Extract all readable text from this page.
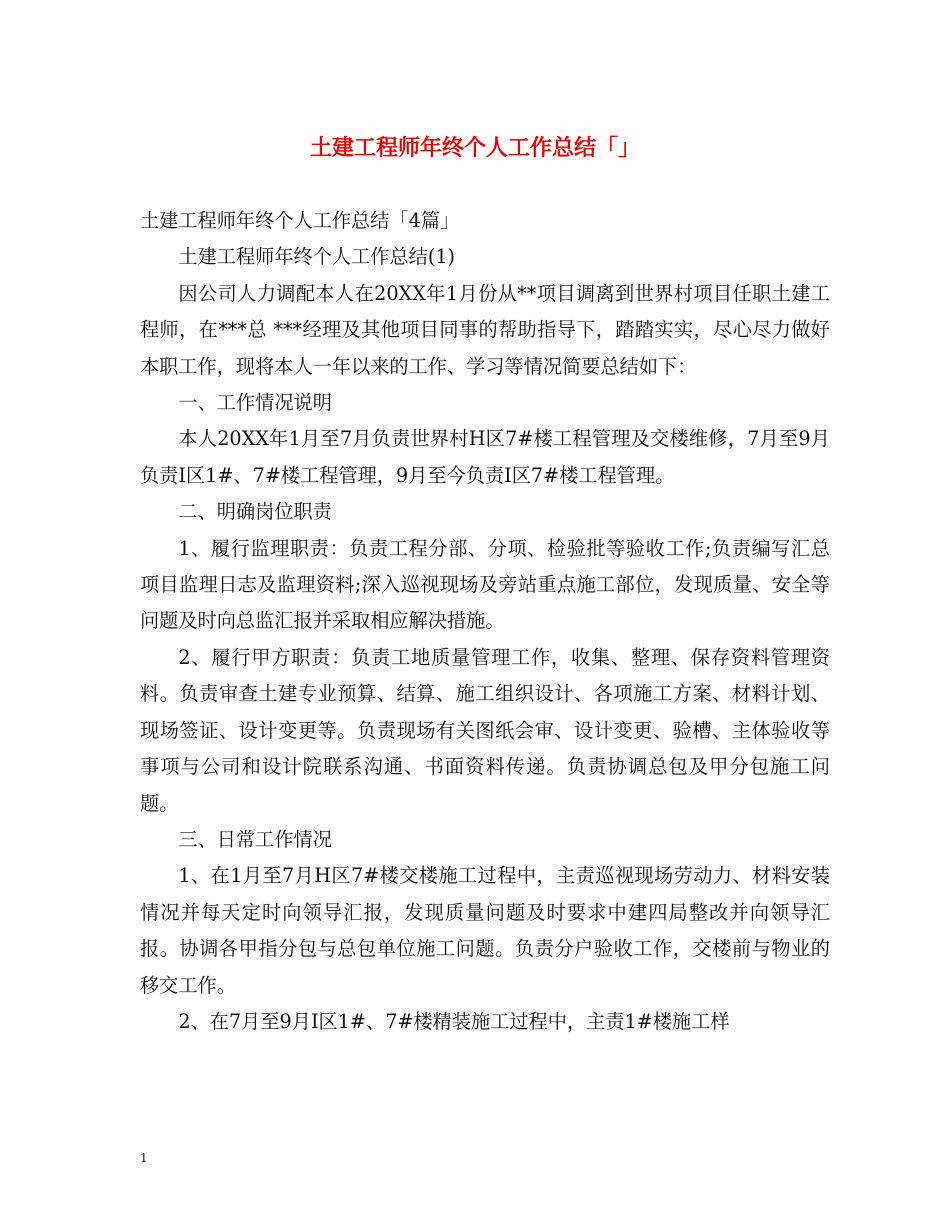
土建工程师年终个人工作总结「」

土建工程师年终个人工作总结「4篇」

土建工程师年终个人工作总结(1)

因公司人力调配本人在20XX年1月份从**项目调离到世界村项目任职土建工程师，在***总 ***经理及其他项目同事的帮助指导下，踏踏实实，尽心尽力做好本职工作，现将本人一年以来的工作、学习等情况简要总结如下：

一、工作情况说明

本人20XX年1月至7月负责世界村H区7#楼工程管理及交楼维修，7月至9月负责I区1#、7#楼工程管理，9月至今负责I区7#楼工程管理。

二、明确岗位职责

1、履行监理职责：负责工程分部、分项、检验批等验收工作;负责编写汇总项目监理日志及监理资料;深入巡视现场及旁站重点施工部位，发现质量、安全等问题及时向总监汇报并采取相应解决措施。

2、履行甲方职责：负责工地质量管理工作，收集、整理、保存资料管理资料。负责审查土建专业预算、结算、施工组织设计、各项施工方案、材料计划、现场签证、设计变更等。负责现场有关图纸会审、设计变更、验槽、主体验收等事项与公司和设计院联系沟通、书面资料传递。负责协调总包及甲分包施工问题。

三、日常工作情况

1、在1月至7月H区7#楼交楼施工过程中，主责巡视现场劳动力、材料安装情况并每天定时向领导汇报，发现质量问题及时要求中建四局整改并向领导汇报。协调各甲指分包与总包单位施工问题。负责分户验收工作，交楼前与物业的移交工作。

2、在7月至9月I区1#、7#楼精装施工过程中，主责1#楼施工样

1
